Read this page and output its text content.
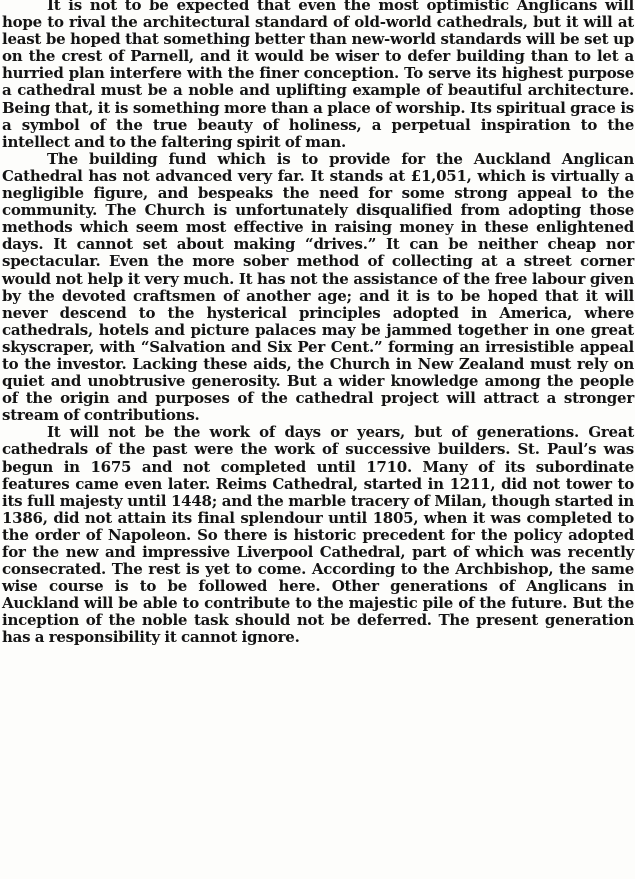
It is not to be expected that even the most optimistic Anglicans will hope to rival the architectural standard of old-world cathedrals, but it will at least be hoped that something better than new-world standards will be set up on the crest of Parnell, and it would be wiser to defer building than to let a hurried plan interfere with the finer conception. To serve its highest purpose a cathedral must be a noble and uplifting example of beautiful architecture. Being that, it is something more than a place of worship. Its spiritual grace is a symbol of the true beauty of holiness, a perpetual inspiration to the intellect and to the faltering spirit of man.

The building fund which is to provide for the Auckland Anglican Cathedral has not advanced very far. It stands at £1,051, which is virtually a negligible figure, and bespeaks the need for some strong appeal to the community. The Church is unfortunately disqualified from adopting those methods which seem most effective in raising money in these enlightened days. It cannot set about making “drives.” It can be neither cheap nor spectacular. Even the more sober method of collecting at a street corner would not help it very much. It has not the assistance of the free labour given by the devoted craftsmen of another age; and it is to be hoped that it will never descend to the hysterical principles adopted in America, where cathedrals, hotels and picture palaces may be jammed together in one great skyscraper, with “Salvation and Six Per Cent.” forming an irresistible appeal to the investor. Lacking these aids, the Church in New Zealand must rely on quiet and unobtrusive generosity. But a wider knowledge among the people of the origin and purposes of the cathedral project will attract a stronger stream of contributions.

It will not be the work of days or years, but of generations. Great cathedrals of the past were the work of successive builders. St. Paul’s was begun in 1675 and not completed until 1710. Many of its subordinate features came even later. Reims Cathedral, started in 1211, did not tower to its full majesty until 1448; and the marble tracery of Milan, though started in 1386, did not attain its final splendour until 1805, when it was completed to the order of Napoleon. So there is historic precedent for the policy adopted for the new and impressive Liverpool Cathedral, part of which was recently consecrated. The rest is yet to come. According to the Archbishop, the same wise course is to be followed here. Other generations of Anglicans in Auckland will be able to contribute to the majestic pile of the future. But the inception of the noble task should not be deferred. The present generation has a responsibility it cannot ignore.
